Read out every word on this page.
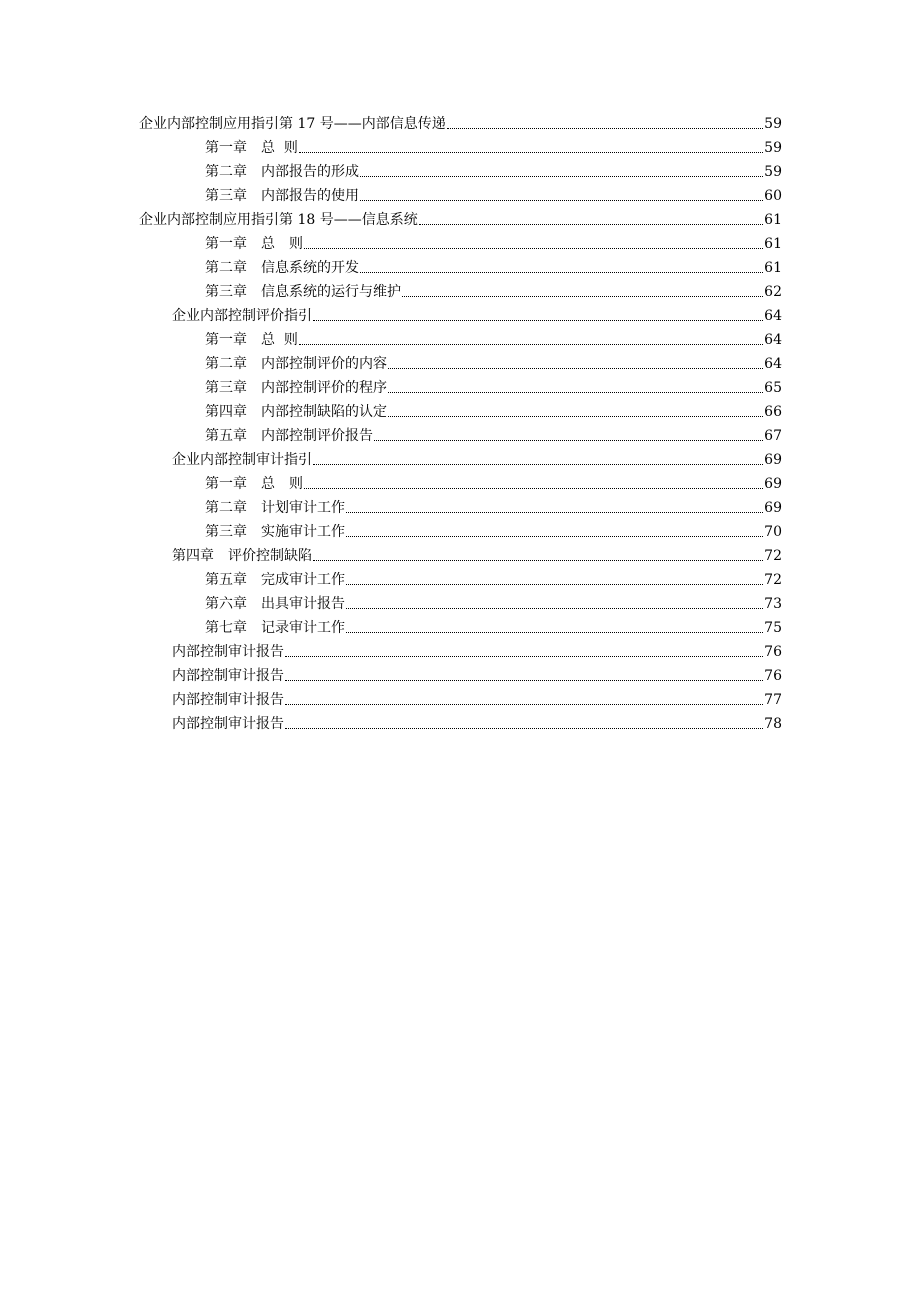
企业内部控制应用指引第 17 号——内部信息传递	59
第一章　总  则	59
第二章　内部报告的形成	59
第三章　内部报告的使用	60
企业内部控制应用指引第 18 号——信息系统	61
第一章　总　则	61
第二章　信息系统的开发	61
第三章　信息系统的运行与维护	62
企业内部控制评价指引	64
第一章　总  则	64
第二章　内部控制评价的内容	64
第三章　内部控制评价的程序	65
第四章　内部控制缺陷的认定	66
第五章　内部控制评价报告	67
企业内部控制审计指引	69
第一章　总　则	69
第二章　计划审计工作	69
第三章　实施审计工作	70
第四章　评价控制缺陷	72
第五章　完成审计工作	72
第六章　出具审计报告	73
第七章　记录审计工作	75
内部控制审计报告	76
内部控制审计报告	76
内部控制审计报告	77
内部控制审计报告	78
